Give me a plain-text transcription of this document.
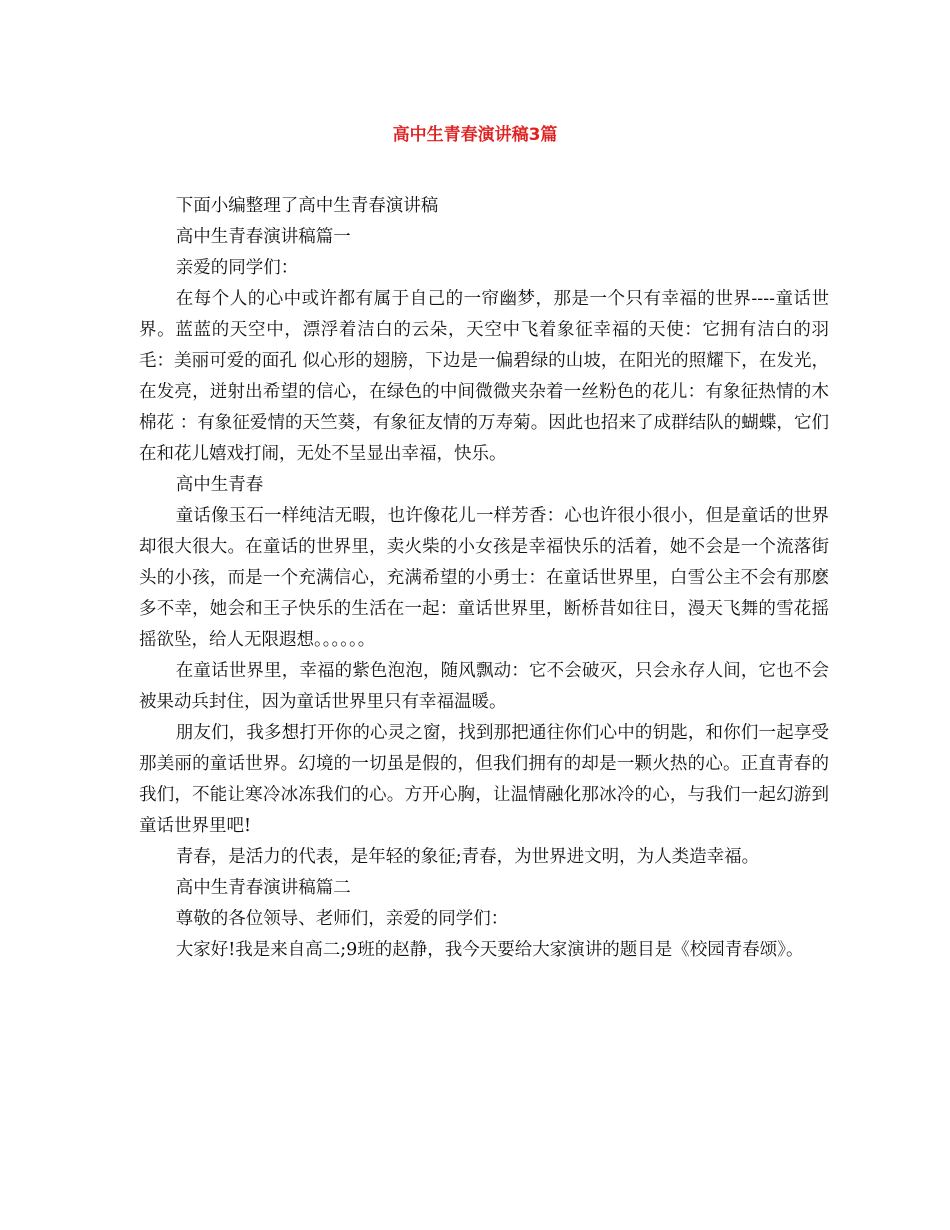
高中生青春演讲稿3篇

下面小编整理了高中生青春演讲稿

高中生青春演讲稿篇一

亲爱的同学们：

在每个人的心中或许都有属于自己的一帘幽梦，那是一个只有幸福的世界----童话世界。蓝蓝的天空中，漂浮着洁白的云朵，天空中飞着象征幸福的天使：它拥有洁白的羽毛：美丽可爱的面孔 似心形的翅膀，下边是一偏碧绿的山坡，在阳光的照耀下，在发光，在发亮，迸射出希望的信心，在绿色的中间微微夹杂着一丝粉色的花儿：有象征热情的木棉花 ：有象征爱情的天竺葵，有象征友情的万寿菊。因此也招来了成群结队的蝴蝶，它们在和花儿嬉戏打闹，无处不呈显出幸福，快乐。

高中生青春

童话像玉石一样纯洁无暇，也许像花儿一样芳香：心也许很小很小，但是童话的世界却很大很大。在童话的世界里，卖火柴的小女孩是幸福快乐的活着，她不会是一个流落街头的小孩，而是一个充满信心，充满希望的小勇士：在童话世界里，白雪公主不会有那麽多不幸，她会和王子快乐的生活在一起：童话世界里，断桥昔如往日，漫天飞舞的雪花摇摇欲坠，给人无限遐想。。。。。。

在童话世界里，幸福的紫色泡泡，随风飘动：它不会破灭，只会永存人间，它也不会被果动兵封住，因为童话世界里只有幸福温暖。

朋友们，我多想打开你的心灵之窗，找到那把通往你们心中的钥匙，和你们一起享受那美丽的童话世界。幻境的一切虽是假的，但我们拥有的却是一颗火热的心。正直青春的我们，不能让寒冷冰冻我们的心。方开心胸，让温情融化那冰冷的心，与我们一起幻游到童话世界里吧!

青春，是活力的代表，是年轻的象征;青春，为世界进文明，为人类造幸福。

高中生青春演讲稿篇二

尊敬的各位领导、老师们，亲爱的同学们：

大家好!我是来自高二;9班的赵静，我今天要给大家演讲的题目是《校园青春颂》。
